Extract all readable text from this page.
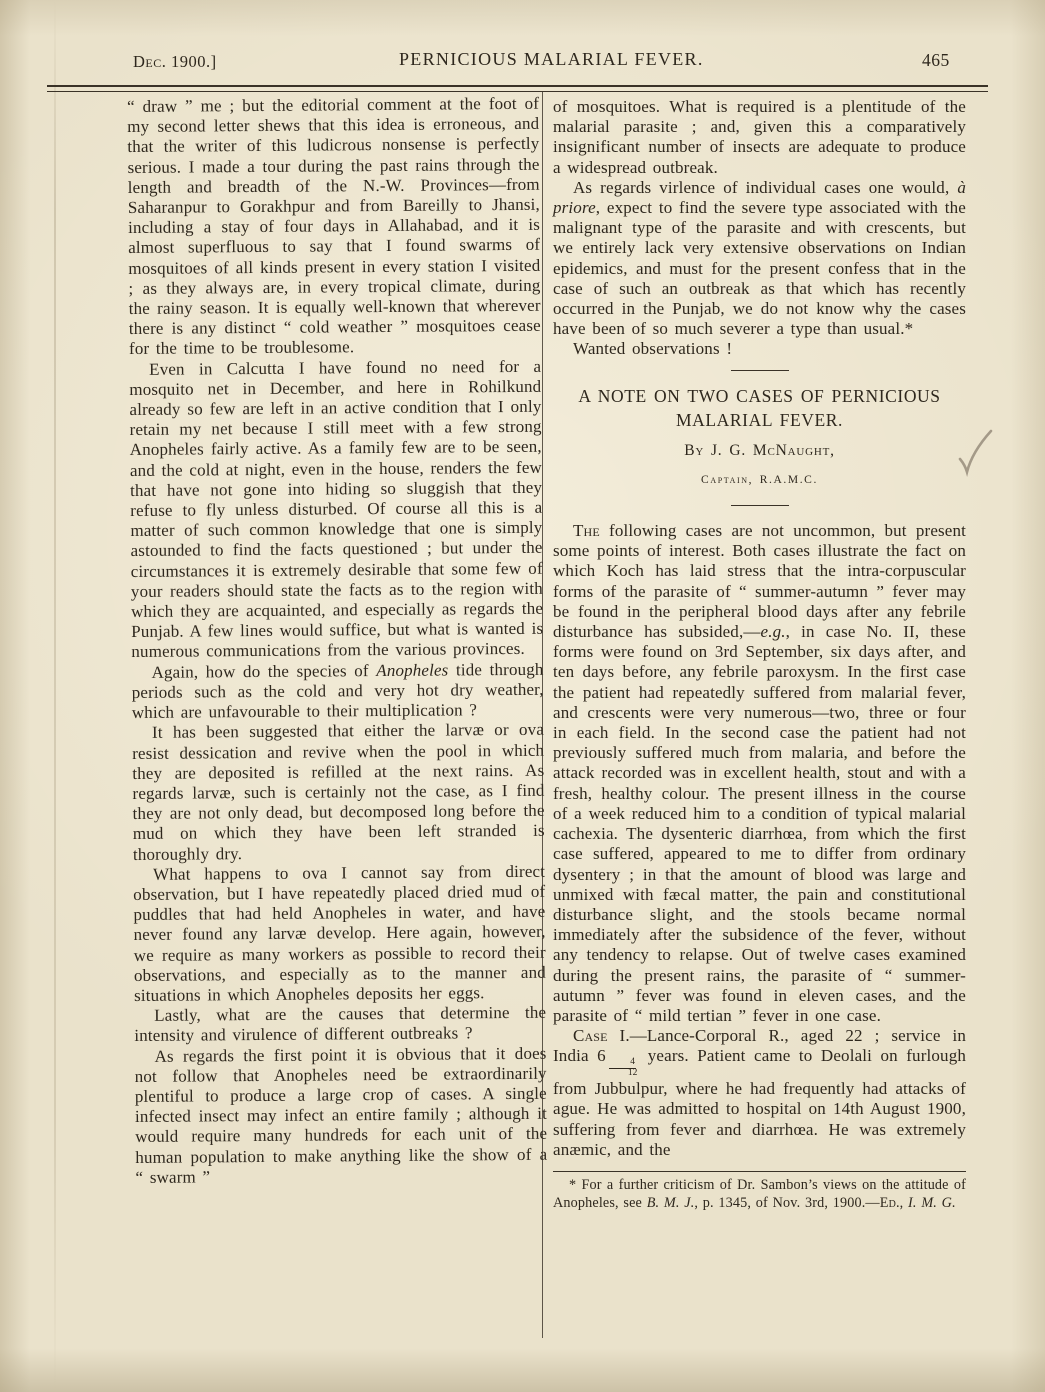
Dec. 1900.]	PERNICIOUS MALARIAL FEVER.	465

“ draw ” me ; but the editorial comment at the foot of my second letter shews that this idea is erroneous, and that the writer of this ludicrous nonsense is perfectly serious. I made a tour during the past rains through the length and breadth of the N.-W. Provinces—from Saharanpur to Gorakhpur and from Bareilly to Jhansi, including a stay of four days in Allahabad, and it is almost superfluous to say that I found swarms of mosquitoes of all kinds present in every station I visited ; as they always are, in every tropical climate, during the rainy season. It is equally well-known that wherever there is any distinct “ cold weather ” mosquitoes cease for the time to be troublesome.

Even in Calcutta I have found no need for a mosquito net in December, and here in Rohilkund already so few are left in an active condition that I only retain my net because I still meet with a few strong Anopheles fairly active. As a family few are to be seen, and the cold at night, even in the house, renders the few that have not gone into hiding so sluggish that they refuse to fly unless disturbed. Of course all this is a matter of such common knowledge that one is simply astounded to find the facts questioned ; but under the circumstances it is extremely desirable that some few of your readers should state the facts as to the region with which they are acquainted, and especially as regards the Punjab. A few lines would suffice, but what is wanted is numerous communications from the various provinces.

Again, how do the species of Anopheles tide through periods such as the cold and very hot dry weather, which are unfavourable to their multiplication ?

It has been suggested that either the larvæ or ova resist dessication and revive when the pool in which they are deposited is refilled at the next rains. As regards larvæ, such is certainly not the case, as I find they are not only dead, but decomposed long before the mud on which they have been left stranded is thoroughly dry.

What happens to ova I cannot say from direct observation, but I have repeatedly placed dried mud of puddles that had held Anopheles in water, and have never found any larvæ develop. Here again, however, we require as many workers as possible to record their observations, and especially as to the manner and situations in which Anopheles deposits her eggs.

Lastly, what are the causes that determine the intensity and virulence of different outbreaks ?

As regards the first point it is obvious that it does not follow that Anopheles need be extraordinarily plentiful to produce a large crop of cases. A single infected insect may infect an entire family ; although it would require many hundreds for each unit of the human population to make anything like the show of a “ swarm ”

of mosquitoes. What is required is a plentitude of the malarial parasite ; and, given this a comparatively insignificant number of insects are adequate to produce a widespread outbreak.

As regards virlence of individual cases one would, à priore, expect to find the severe type associated with the malignant type of the parasite and with crescents, but we entirely lack very extensive observations on Indian epidemics, and must for the present confess that in the case of such an outbreak as that which has recently occurred in the Punjab, we do not know why the cases have been of so much severer a type than usual.*

Wanted observations !

A NOTE ON TWO CASES OF PERNICIOUS
MALARIAL FEVER.
By J. G. McNaught,
Captain, R.A.M.C.

The following cases are not uncommon, but present some points of interest. Both cases illustrate the fact on which Koch has laid stress that the intra-corpuscular forms of the parasite of “ summer-autumn ” fever may be found in the peripheral blood days after any febrile disturbance has subsided,—e.g., in case No. II, these forms were found on 3rd September, six days after, and ten days before, any febrile paroxysm. In the first case the patient had repeatedly suffered from malarial fever, and crescents were very numerous—two, three or four in each field. In the second case the patient had not previously suffered much from malaria, and before the attack recorded was in excellent health, stout and with a fresh, healthy colour. The present illness in the course of a week reduced him to a condition of typical malarial cachexia. The dysenteric diarrhœa, from which the first case suffered, appeared to me to differ from ordinary dysentery ; in that the amount of blood was large and unmixed with fæcal matter, the pain and constitutional disturbance slight, and the stools became normal immediately after the subsidence of the fever, without any tendency to relapse. Out of twelve cases examined during the present rains, the parasite of “ summer-autumn ” fever was found in eleven cases, and the parasite of “ mild tertian ” fever in one case.

Case I.—Lance-Corporal R., aged 22 ; service in India 6
$\frac{4}{12}$
years. Patient came to Deolali on furlough from Jubbulpur, where he had frequently had attacks of ague. He was admitted to hospital on 14th August 1900, suffering from fever and diarrhœa. He was extremely anæmic, and the

* For a further criticism of Dr. Sambon’s views on the attitude of Anopheles, see B. M. J., p. 1345, of Nov. 3rd, 1900.—Ed., I. M. G.
